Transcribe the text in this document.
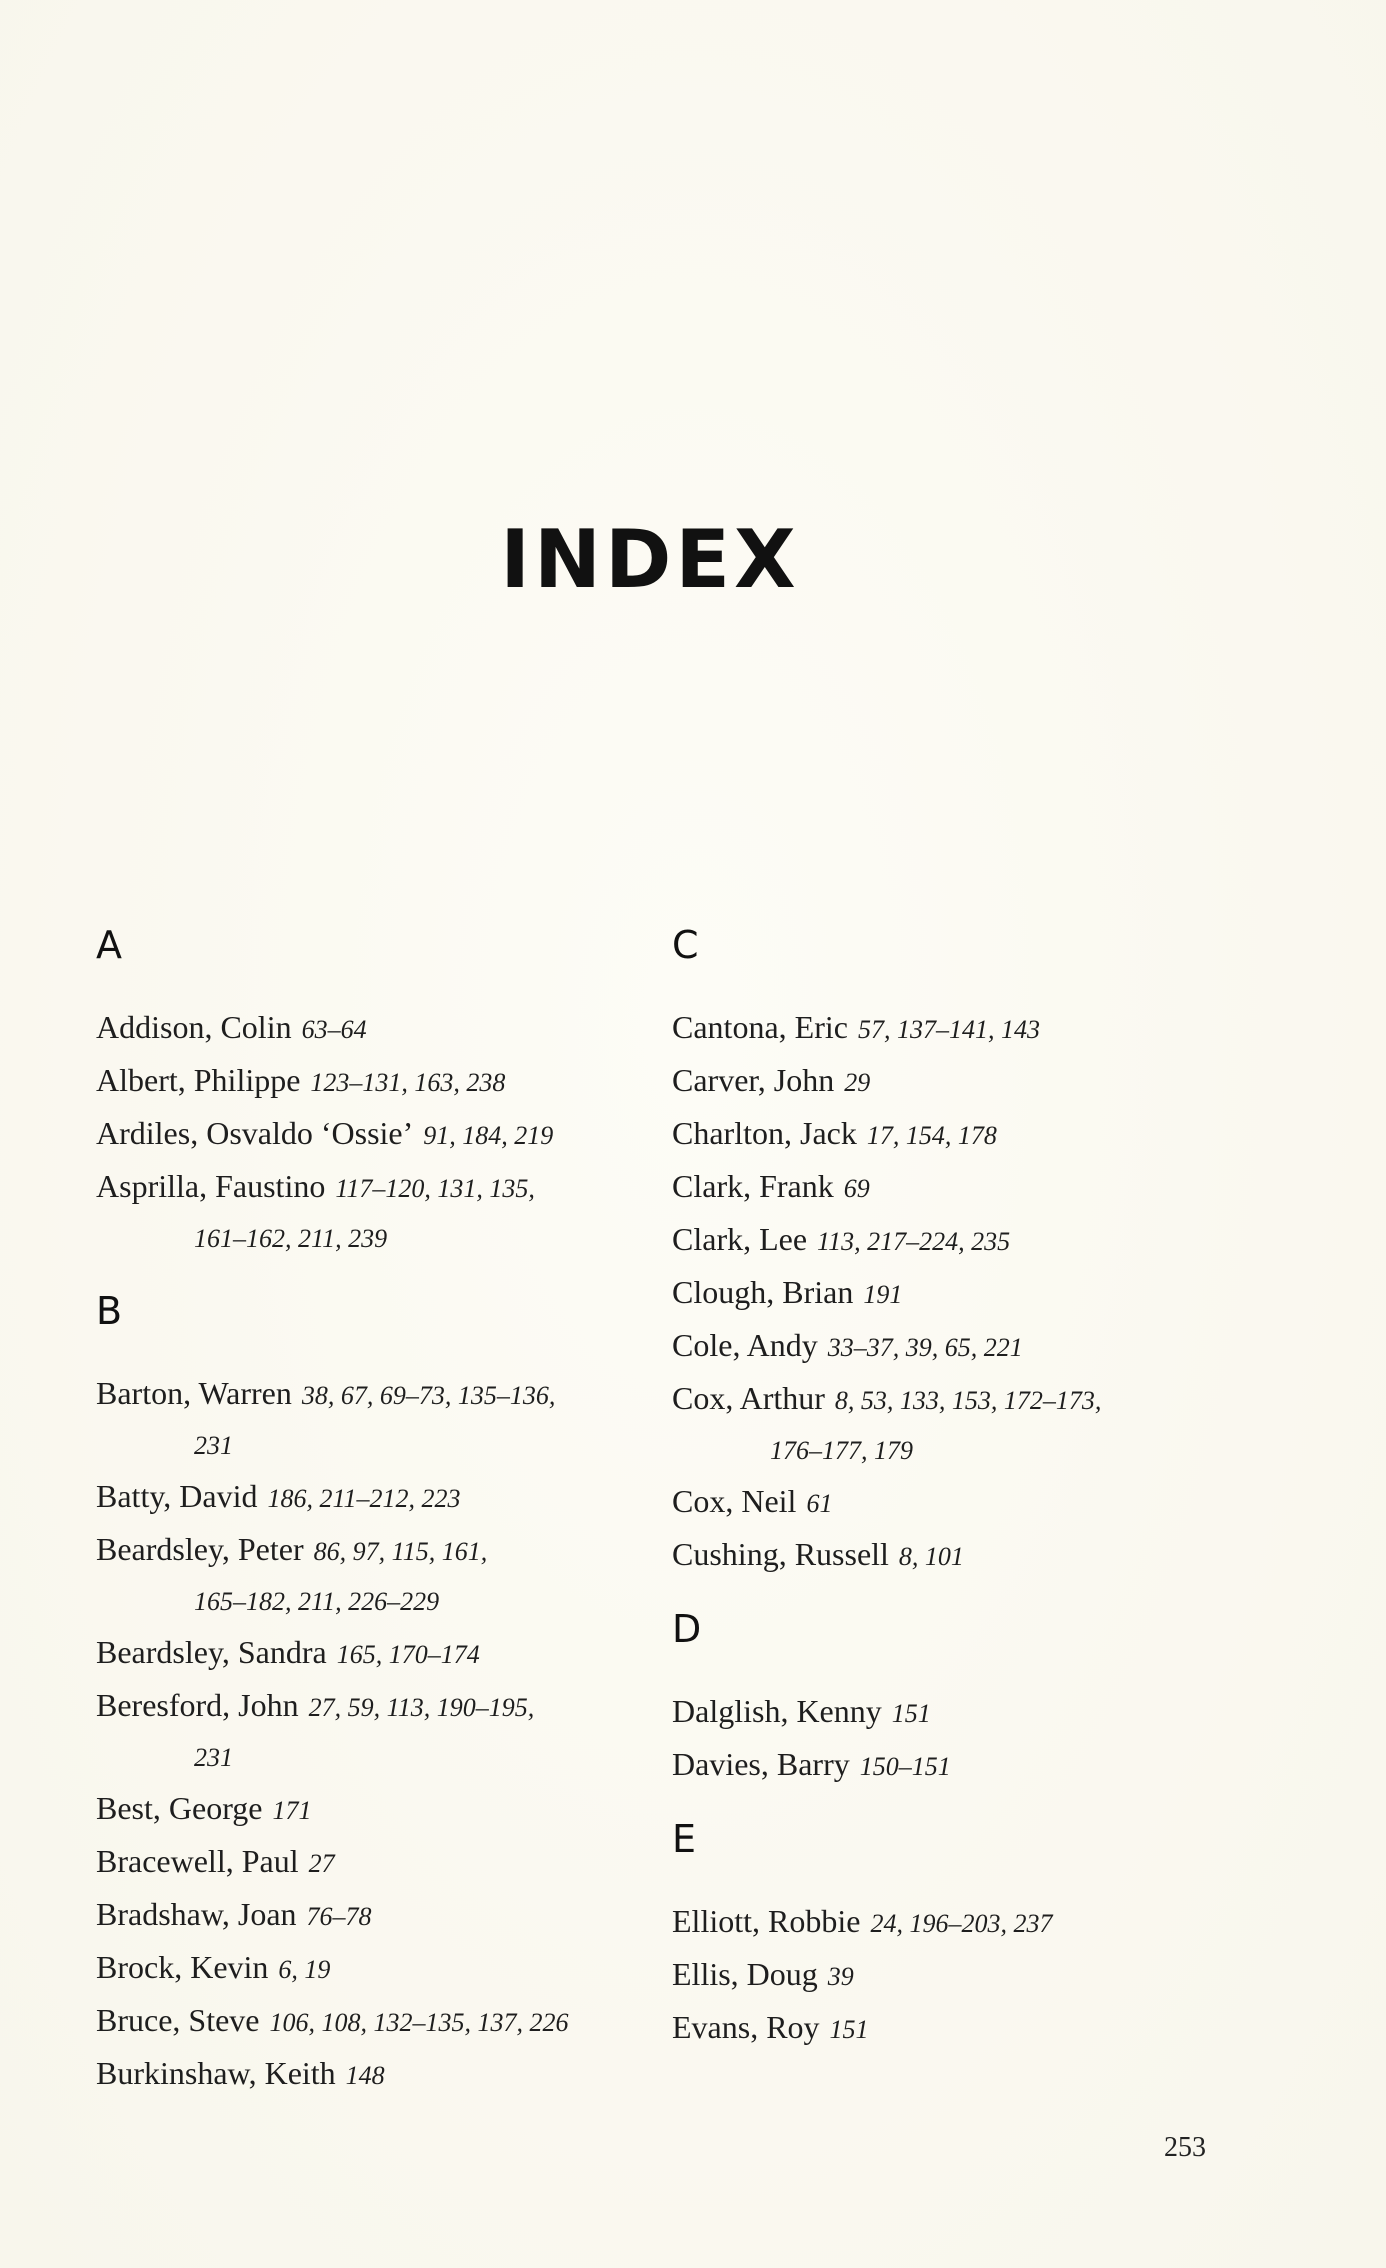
INDEX
A
Addison, Colin 63–64
Albert, Philippe 123–131, 163, 238
Ardiles, Osvaldo ‘Ossie’ 91, 184, 219
Asprilla, Faustino 117–120, 131, 135,
161–162, 211, 239
B
Barton, Warren 38, 67, 69–73, 135–136,
231
Batty, David 186, 211–212, 223
Beardsley, Peter 86, 97, 115, 161,
165–182, 211, 226–229
Beardsley, Sandra 165, 170–174
Beresford, John 27, 59, 113, 190–195,
231
Best, George 171
Bracewell, Paul 27
Bradshaw, Joan 76–78
Brock, Kevin 6, 19
Bruce, Steve 106, 108, 132–135, 137, 226
Burkinshaw, Keith 148
C
Cantona, Eric 57, 137–141, 143
Carver, John 29
Charlton, Jack 17, 154, 178
Clark, Frank 69
Clark, Lee 113, 217–224, 235
Clough, Brian 191
Cole, Andy 33–37, 39, 65, 221
Cox, Arthur 8, 53, 133, 153, 172–173,
176–177, 179
Cox, Neil 61
Cushing, Russell 8, 101
D
Dalglish, Kenny 151
Davies, Barry 150–151
E
Elliott, Robbie 24, 196–203, 237
Ellis, Doug 39
Evans, Roy 151
253
